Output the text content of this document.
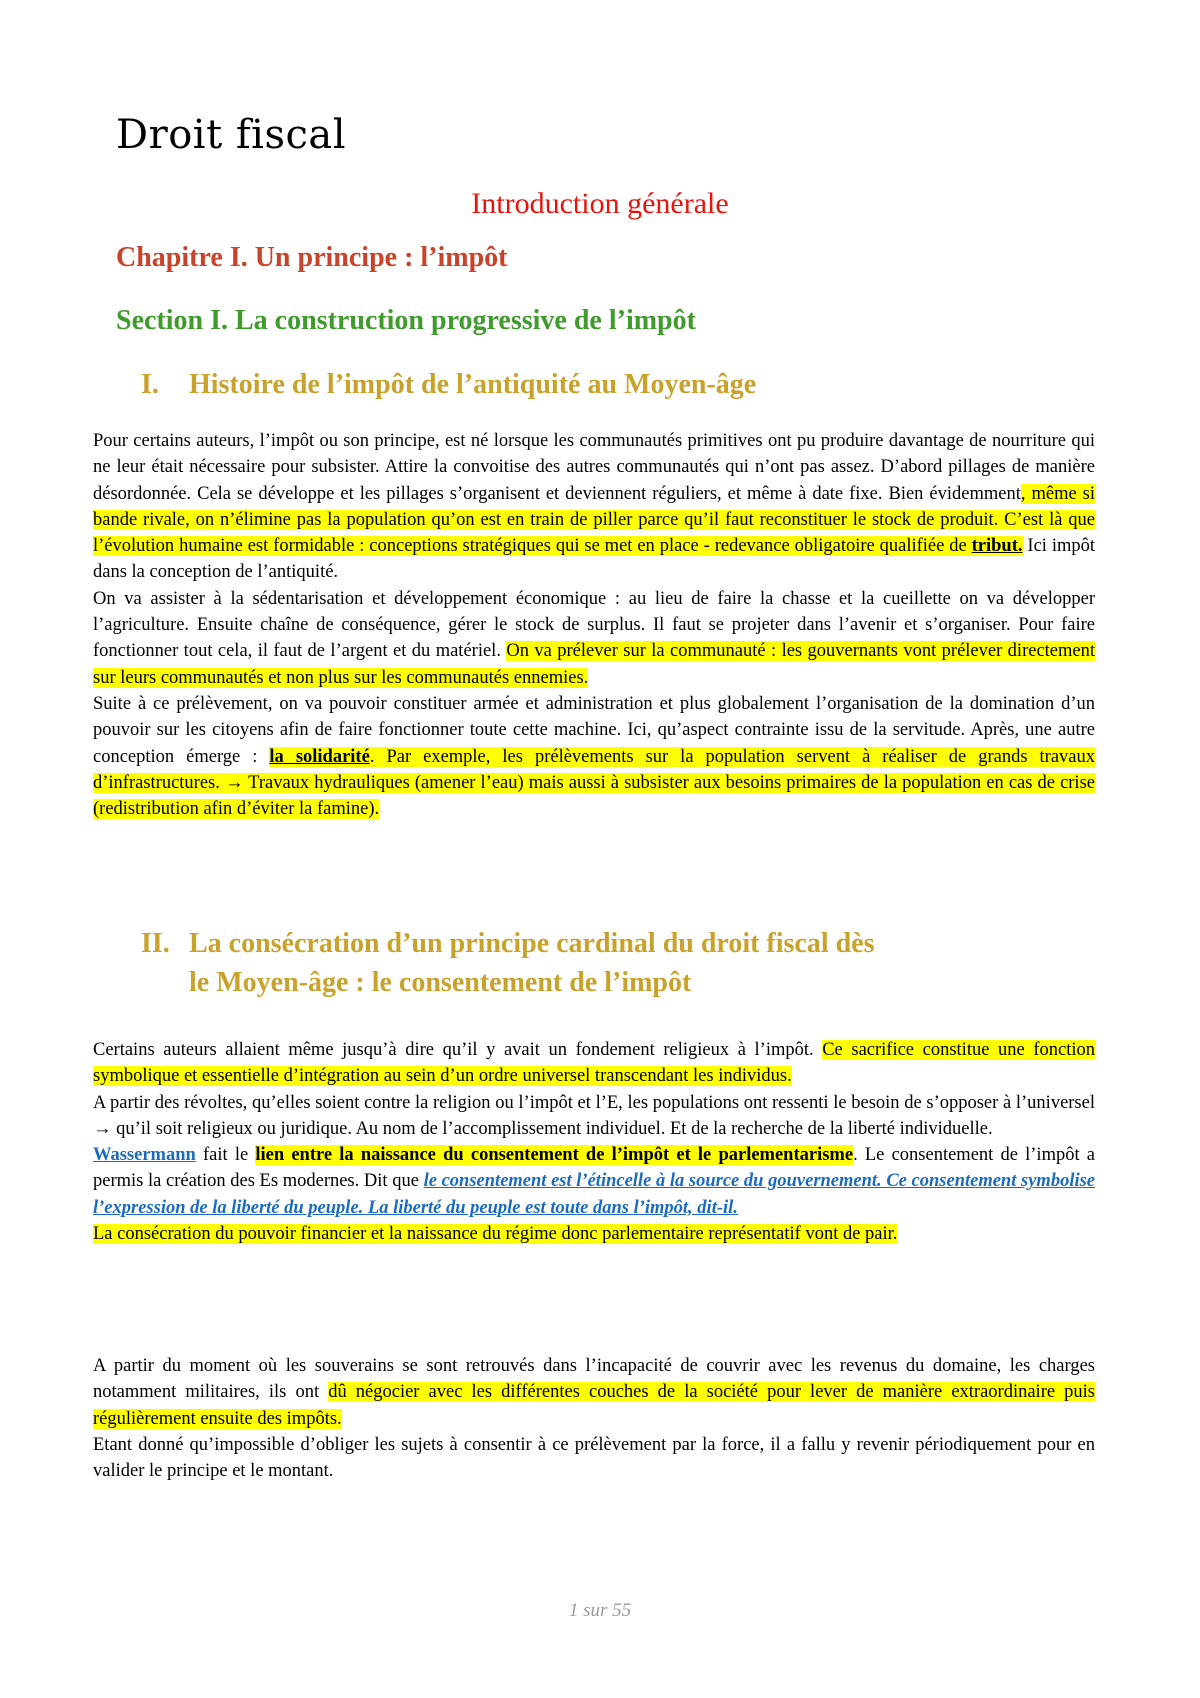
Droit fiscal
Introduction générale
Chapitre I. Un principe : l’impôt
Section I. La construction progressive de l’impôt
I. Histoire de l’impôt de l’antiquité au Moyen-âge
Pour certains auteurs, l’impôt ou son principe, est né lorsque les communautés primitives ont pu produire davantage de nourriture qui ne leur était nécessaire pour subsister. Attire la convoitise des autres communautés qui n’ont pas assez. D’abord pillages de manière désordonnée. Cela se développe et les pillages s’organisent et deviennent réguliers, et même à date fixe. Bien évidemment, même si bande rivale, on n’élimine pas la population qu’on est en train de piller parce qu’il faut reconstituer le stock de produit. C’est là que l’évolution humaine est formidable : conceptions stratégiques qui se met en place - redevance obligatoire qualifiée de tribut. Ici impôt dans la conception de l’antiquité.
On va assister à la sédentarisation et développement économique : au lieu de faire la chasse et la cueillette on va développer l’agriculture. Ensuite chaîne de conséquence, gérer le stock de surplus. Il faut se projeter dans l’avenir et s’organiser. Pour faire fonctionner tout cela, il faut de l’argent et du matériel. On va prélever sur la communauté : les gouvernants vont prélever directement sur leurs communautés et non plus sur les communautés ennemies.
Suite à ce prélèvement, on va pouvoir constituer armée et administration et plus globalement l’organisation de la domination d’un pouvoir sur les citoyens afin de faire fonctionner toute cette machine. Ici, qu’aspect contrainte issu de la servitude. Après, une autre conception émerge : la solidarité. Par exemple, les prélèvements sur la population servent à réaliser de grands travaux d’infrastructures. → Travaux hydrauliques (amener l’eau) mais aussi à subsister aux besoins primaires de la population en cas de crise (redistribution afin d’éviter la famine).
II. La consécration d’un principe cardinal du droit fiscal dès
le Moyen-âge : le consentement de l’impôt
Certains auteurs allaient même jusqu’à dire qu’il y avait un fondement religieux à l’impôt. Ce sacrifice constitue une fonction symbolique et essentielle d’intégration au sein d’un ordre universel transcendant les individus.
A partir des révoltes, qu’elles soient contre la religion ou l’impôt et l’E, les populations ont ressenti le besoin de s’opposer à l’universel → qu’il soit religieux ou juridique. Au nom de l’accomplissement individuel. Et de la recherche de la liberté individuelle.
Wassermann fait le lien entre la naissance du consentement de l’impôt et le parlementarisme. Le consentement de l’impôt a permis la création des Es modernes. Dit que le consentement est l’étincelle à la source du gouvernement. Ce consentement symbolise l’expression de la liberté du peuple. La liberté du peuple est toute dans l’impôt, dit-il.
La consécration du pouvoir financier et la naissance du régime donc parlementaire représentatif vont de pair.
A partir du moment où les souverains se sont retrouvés dans l’incapacité de couvrir avec les revenus du domaine, les charges notamment militaires, ils ont dû négocier avec les différentes couches de la société pour lever de manière extraordinaire puis régulièrement ensuite des impôts.
Etant donné qu’impossible d’obliger les sujets à consentir à ce prélèvement par la force, il a fallu y revenir périodiquement pour en valider le principe et le montant.
1 sur 55
